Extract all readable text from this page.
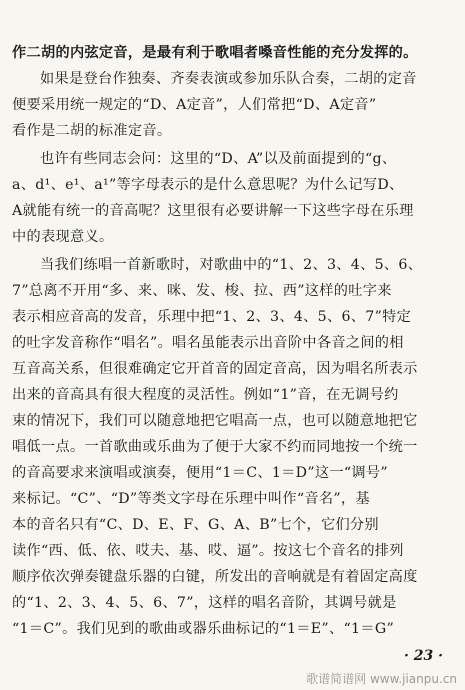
作二胡的内弦定音，是最有利于歌唱者嗓音性能的充分发挥的。
如果是登台作独奏、齐奏表演或参加乐队合奏，二胡的定音
便要采用统一规定的“D、A定音”，人们常把“D、A定音”
看作是二胡的标准定音。
也许有些同志会问：这里的“D、A”以及前面提到的“g、
a、d¹、e¹、a¹”等字母表示的是什么意思呢？为什么记写D、
A就能有统一的音高呢？这里很有必要讲解一下这些字母在乐理
中的表现意义。
当我们练唱一首新歌时，对歌曲中的“1、2、3、4、5、6、
7”总离不开用“多、来、咪、发、梭、拉、西”这样的吐字来
表示相应音高的发音，乐理中把“1、2、3、4、5、6、7”特定
的吐字发音称作“唱名”。唱名虽能表示出音阶中各音之间的相
互音高关系，但很难确定它开首音的固定音高，因为唱名所表示
出来的音高具有很大程度的灵活性。例如“1”音，在无调号约
束的情况下，我们可以随意地把它唱高一点，也可以随意地把它
唱低一点。一首歌曲或乐曲为了便于大家不约而同地按一个统一
的音高要求来演唱或演奏，便用“1＝C、1＝D”这一“调号”
来标记。“C”、“D”等类文字母在乐理中叫作“音名”，基
本的音名只有“C、D、E、F、G、A、B”七个，它们分别
读作“西、低、依、哎夫、基、哎、逼”。按这七个音名的排列
顺序依次弹奏键盘乐器的白键，所发出的音响就是有着固定高度
的“1、2、3、4、5、6、7”，这样的唱名音阶，其调号就是
“1＝C”。我们见到的歌曲或器乐曲标记的“1＝E”、“1＝G”
· 23 ·
歌谱简谱网 www.jianpu.cn
